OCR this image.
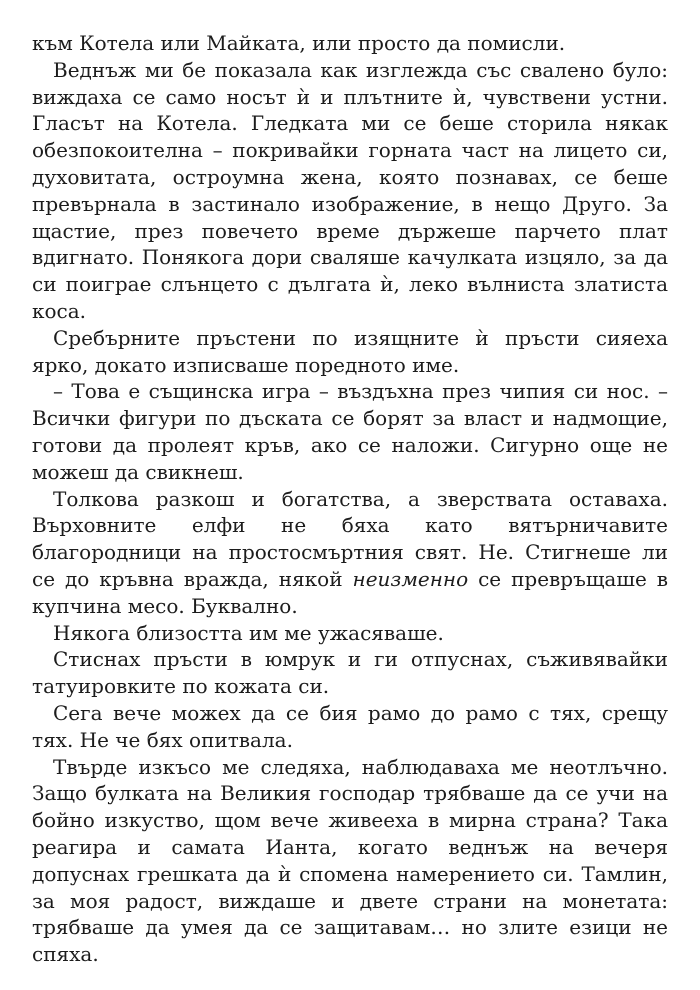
към Котела или Майката, или просто да помисли.

Веднъж ми бе показала как изглежда със свалено було: виждаха се само носът ѝ и плътните ѝ, чувствени устни. Гласът на Котела. Гледката ми се беше сторила някак обезпокоителна – покривайки горната част на лицето си, духовитата, остроумна жена, която познавах, се беше превърнала в застинало изображение, в нещо Друго. За щастие, през повечето време държеше парчето плат вдигнато. Понякога дори сваляше качулката изцяло, за да си поиграе слънцето с дългата ѝ, леко вълниста златиста коса.

Сребърните пръстени по изящните ѝ пръсти сияеха ярко, докато изписваше поредното име.

– Това е същинска игра – въздъхна през чипия си нос. – Всички фигури по дъската се борят за власт и надмощие, готови да пролеят кръв, ако се наложи. Сигурно още не можеш да свикнеш.

Толкова разкош и богатства, а зверствата оставаха. Върховните елфи не бяха като вятърничавите благородници на простосмъртния свят. Не. Стигнеше ли се до кръвна вражда, някой неизменно се превръщаше в купчина месо. Буквално.

Някога близостта им ме ужасяваше.

Стиснах пръсти в юмрук и ги отпуснах, съживявайки татуировките по кожата си.

Сега вече можех да се бия рамо до рамо с тях, срещу тях. Не че бях опитвала.

Твърде изкъсо ме следяха, наблюдаваха ме неотлъчно. Защо булката на Великия господар трябваше да се учи на бойно изкуство, щом вече живееха в мирна страна? Така реагира и самата Ианта, когато веднъж на вечеря допуснах грешката да ѝ спомена намерението си. Тамлин, за моя радост, виждаше и двете страни на монетата: трябваше да умея да се защитавам… но злите езици не спяха.
